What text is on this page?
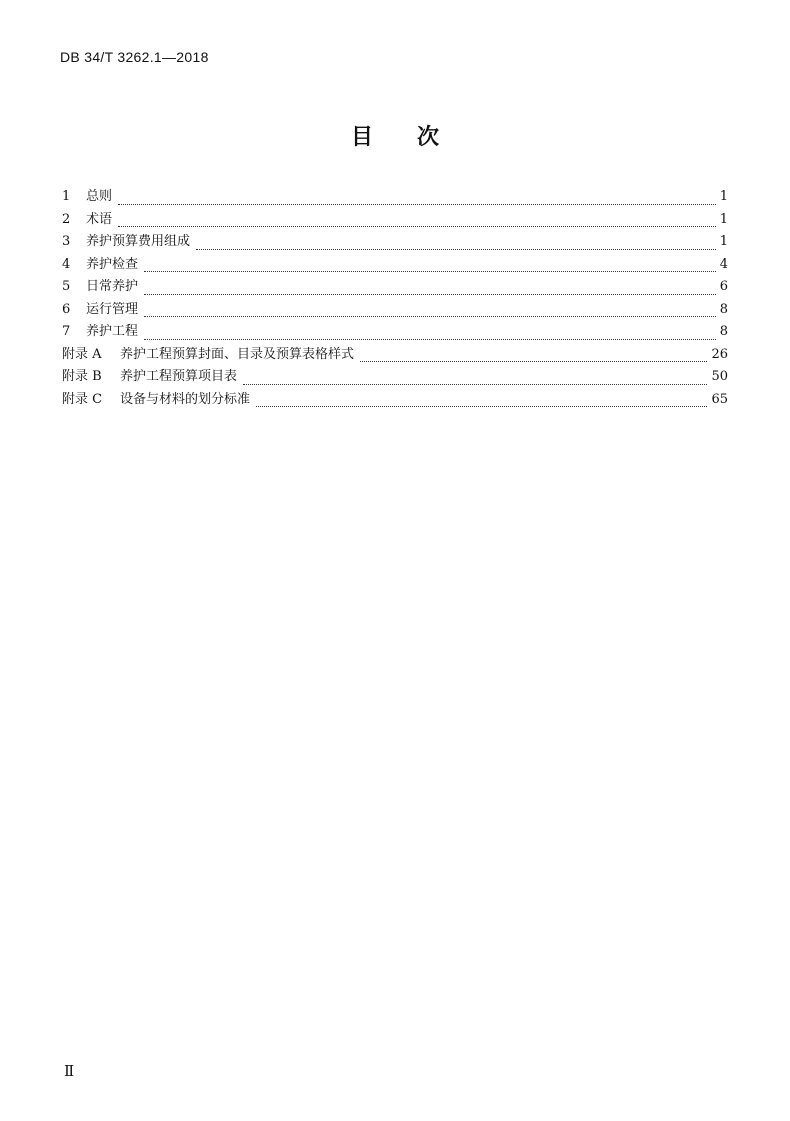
DB 34/T 3262.1—2018
目 次
1	总则	1
2	术语	1
3	养护预算费用组成	1
4	养护检查	4
5	日常养护	6
6	运行管理	8
7	养护工程	8
附录 A	养护工程预算封面、目录及预算表格样式	26
附录 B	养护工程预算项目表	50
附录 C	设备与材料的划分标准	65
Ⅱ
